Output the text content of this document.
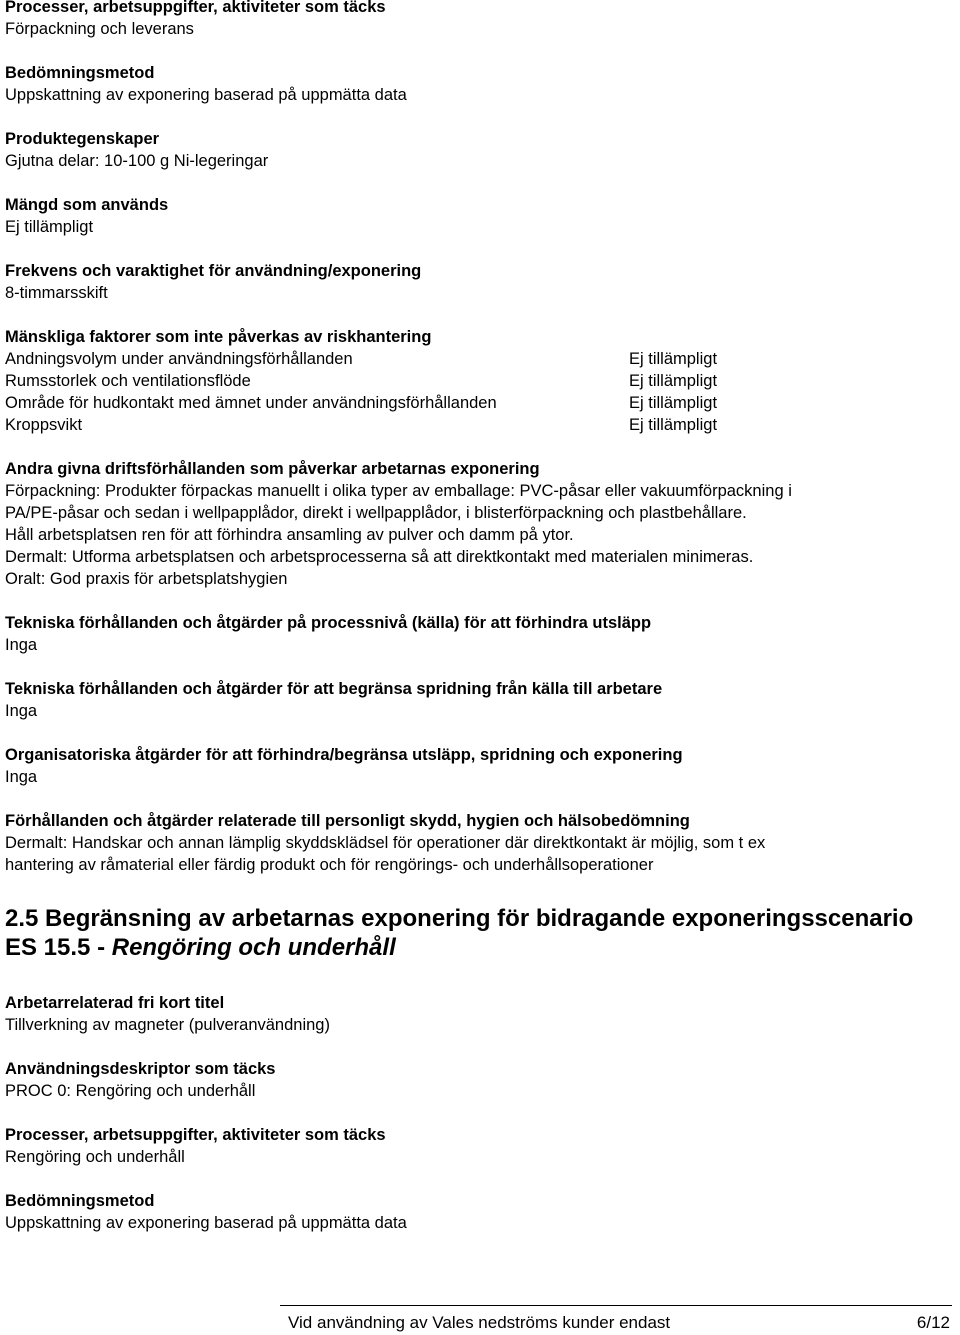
Processer, arbetsuppgifter, aktiviteter som täcks
Förpackning och leverans
Bedömningsmetod
Uppskattning av exponering baserad på uppmätta data
Produktegenskaper
Gjutna delar: 10-100 g Ni-legeringar
Mängd som används
Ej tillämpligt
Frekvens och varaktighet för användning/exponering
8-timmarsskift
Mänskliga faktorer som inte påverkas av riskhantering
Andningsvolym under användningsförhållanden	Ej tillämpligt
Rumsstorlek och ventilationsflöde	Ej tillämpligt
Område för hudkontakt med ämnet under användningsförhållanden	Ej tillämpligt
Kroppsvikt	Ej tillämpligt
Andra givna driftsförhållanden som påverkar arbetarnas exponering
Förpackning: Produkter förpackas manuellt i olika typer av emballage: PVC-påsar eller vakuumförpackning i
PA/PE-påsar och sedan i wellpapplådor, direkt i wellpapplådor, i blisterförpackning och plastbehållare.
Håll arbetsplatsen ren för att förhindra ansamling av pulver och damm på ytor.
Dermalt: Utforma arbetsplatsen och arbetsprocesserna så att direktkontakt med materialen minimeras.
Oralt: God praxis för arbetsplatshygien
Tekniska förhållanden och åtgärder på processnivå (källa) för att förhindra utsläpp
Inga
Tekniska förhållanden och åtgärder för att begränsa spridning från källa till arbetare
Inga
Organisatoriska åtgärder för att förhindra/begränsa utsläpp, spridning och exponering
Inga
Förhållanden och åtgärder relaterade till personligt skydd, hygien och hälsobedömning
Dermalt: Handskar och annan lämplig skyddsklädsel för operationer där direktkontakt är möjlig, som t ex
hantering av råmaterial eller färdig produkt och för rengörings- och underhållsoperationer
2.5 Begränsning av arbetarnas exponering för bidragande exponeringsscenario
ES 15.5 - Rengöring och underhåll
Arbetarrelaterad fri kort titel
Tillverkning av magneter (pulveranvändning)
Användningsdeskriptor som täcks
PROC 0: Rengöring och underhåll
Processer, arbetsuppgifter, aktiviteter som täcks
Rengöring och underhåll
Bedömningsmetod
Uppskattning av exponering baserad på uppmätta data
Vid användning av Vales nedströms kunder endast	6/12
